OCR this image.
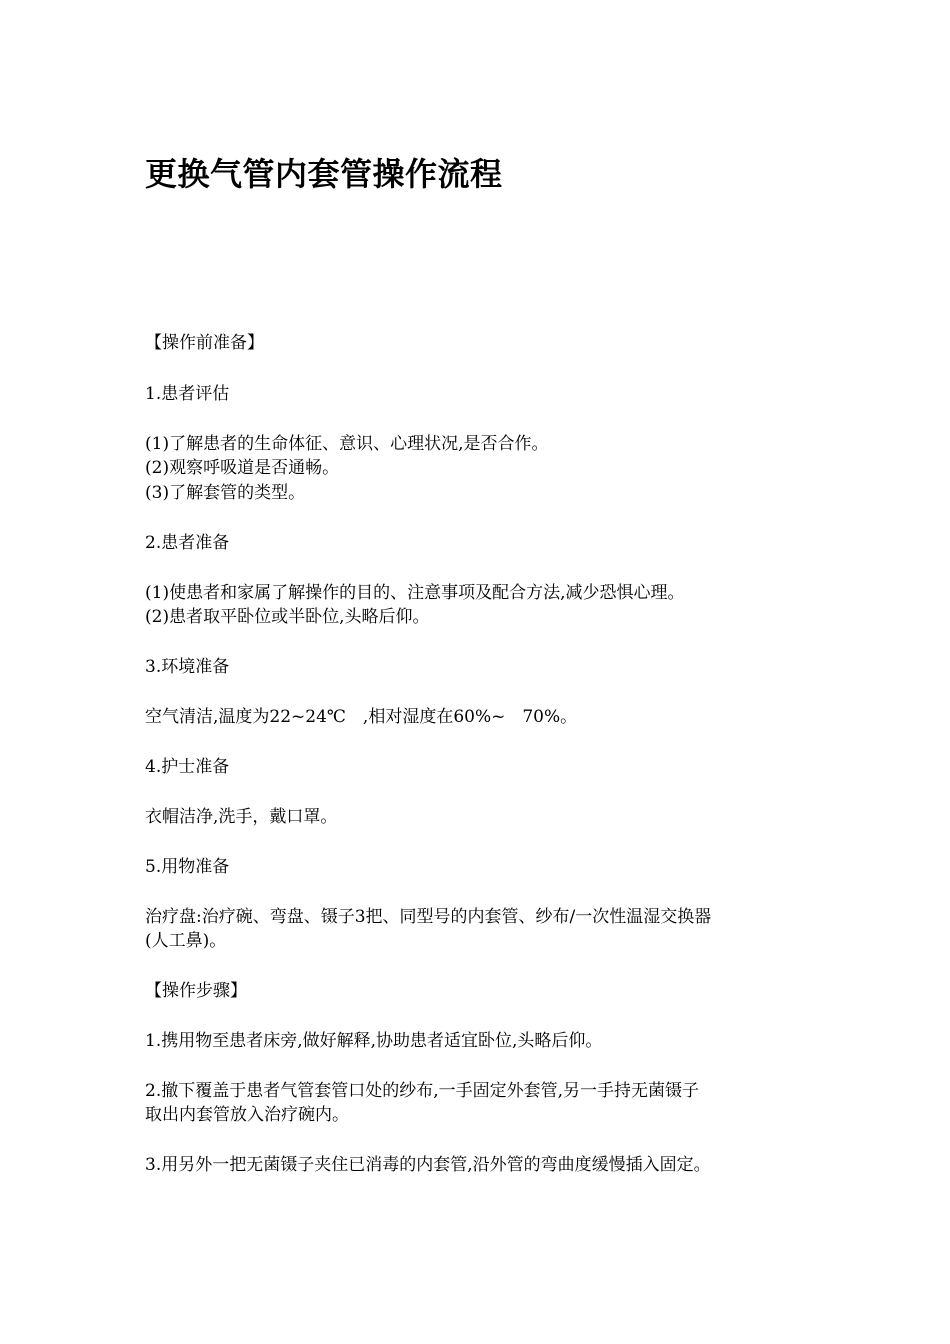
更换气管内套管操作流程

【操作前准备】

1.患者评估

(1)了解患者的生命体征、意识、心理状况,是否合作。

(2)观察呼吸道是否通畅。

(3)了解套管的类型。

2.患者准备

(1)使患者和家属了解操作的目的、注意事项及配合方法,减少恐惧心理。

(2)患者取平卧位或半卧位,头略后仰。

3.环境准备

空气清洁,温度为22~24℃　,相对湿度在60%~　70%。

4.护士准备

衣帽洁净,洗手，戴口罩。

5.用物准备

治疗盘:治疗碗、弯盘、镊子3把、同型号的内套管、纱布/一次性温湿交换器

(人工鼻)。

【操作步骤】

1.携用物至患者床旁,做好解释,协助患者适宜卧位,头略后仰。

2.撤下覆盖于患者气管套管口处的纱布,一手固定外套管,另一手持无菌镊子

取出内套管放入治疗碗内。

3.用另外一把无菌镊子夹住已消毒的内套管,沿外管的弯曲度缓慢插入固定。
